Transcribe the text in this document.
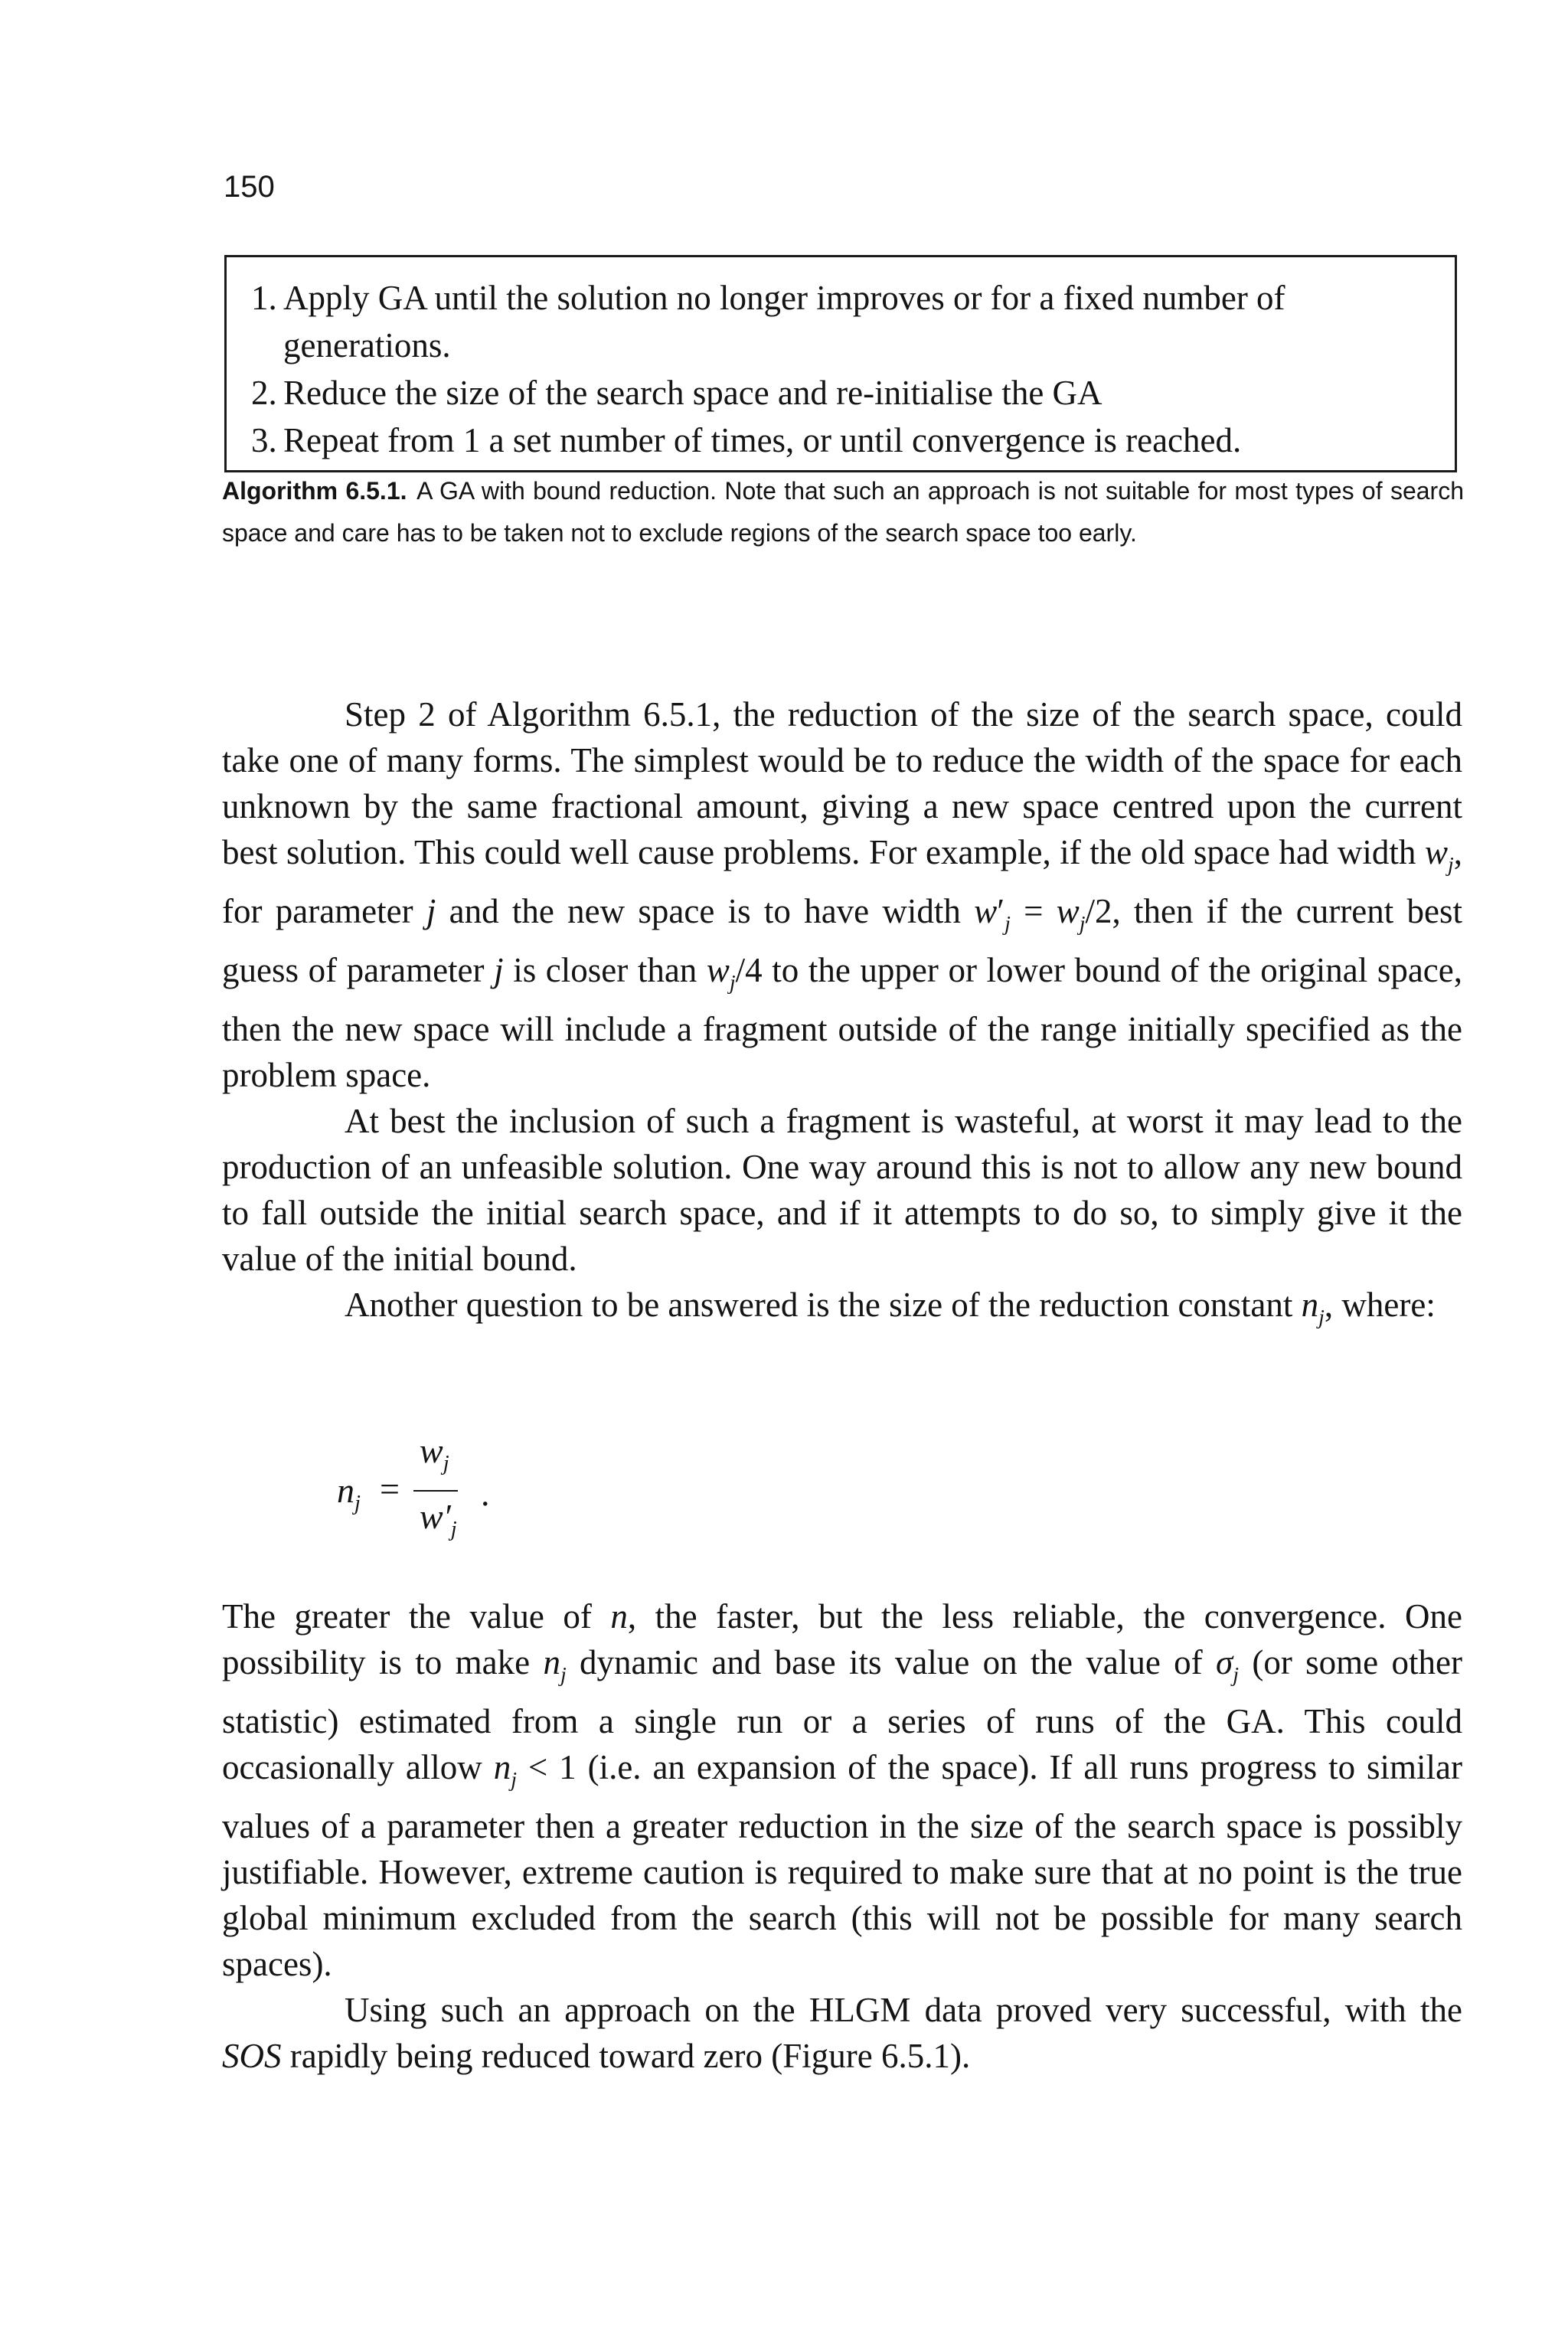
150
1. Apply GA until the solution no longer improves or for a fixed number of
generations.
2. Reduce the size of the search space and re-initialise the GA
3. Repeat from 1 a set number of times, or until convergence is reached.
Algorithm 6.5.1. A GA with bound reduction. Note that such an approach is not suitable for most types of search space and care has to be taken not to exclude regions of the search space too early.

Step 2 of Algorithm 6.5.1, the reduction of the size of the search space, could take one of many forms. The simplest would be to reduce the width of the space for each unknown by the same fractional amount, giving a new space centred upon the current best solution. This could well cause problems. For example, if the old space had width $w_j$, for parameter j and the new space is to have width $w'_j = w_j/2$, then if the current best guess of parameter j is closer than $w_j/4$ to the upper or lower bound of the original space, then the new space will include a fragment outside of the range initially specified as the problem space.

At best the inclusion of such a fragment is wasteful, at worst it may lead to the production of an unfeasible solution. One way around this is not to allow any new bound to fall outside the initial search space, and if it attempts to do so, to simply give it the value of the initial bound.

Another question to be answered is the size of the reduction constant $n_j$, where:

$n_j$ =
$w_j$
$w'_j$
.

The greater the value of n, the faster, but the less reliable, the convergence. One possibility is to make $n_j$ dynamic and base its value on the value of $\sigma_j$ (or some other statistic) estimated from a single run or a series of runs of the GA. This could occasionally allow $n_j < 1$ (i.e. an expansion of the space). If all runs progress to similar values of a parameter then a greater reduction in the size of the search space is possibly justifiable. However, extreme caution is required to make sure that at no point is the true global minimum excluded from the search (this will not be possible for many search spaces).

Using such an approach on the HLGM data proved very successful, with the SOS rapidly being reduced toward zero (Figure 6.5.1).
